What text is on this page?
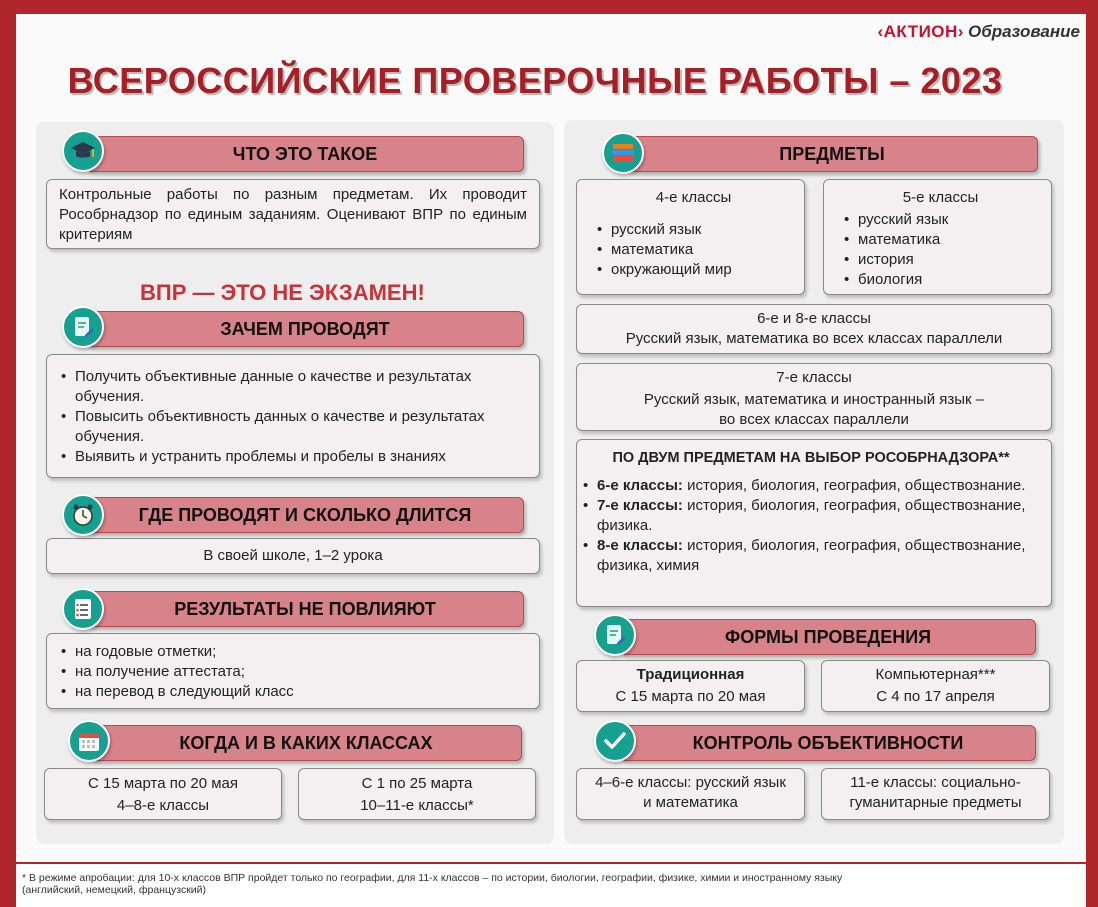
‹АКТИОН› Образование
ВСЕРОССИЙСКИЕ ПРОВЕРОЧНЫЕ РАБОТЫ – 2023
ЧТО ЭТО ТАКОЕ
Контрольные работы по разным предметам. Их проводит Рособрнадзор по единым заданиям. Оценивают ВПР по единым критериям
ВПР — ЭТО НЕ ЭКЗАМЕН!
ЗАЧЕМ ПРОВОДЯТ
• Получить объективные данные о качестве и результатах обучения.
• Повысить объективность данных о качестве и результатах обучения.
• Выявить и устранить проблемы и пробелы в знаниях
ГДЕ ПРОВОДЯТ И СКОЛЬКО ДЛИТСЯ
В своей школе, 1–2 урока
РЕЗУЛЬТАТЫ НЕ ПОВЛИЯЮТ
• на годовые отметки;
• на получение аттестата;
• на перевод в следующий класс
КОГДА И В КАКИХ КЛАССАХ
С 15 марта по 20 мая
4–8-е классы
С 1 по 25 марта
10–11-е классы*
ПРЕДМЕТЫ
4-е классы
• русский язык
• математика
• окружающий мир
5-е классы
• русский язык
• математика
• история
• биология
6-е и 8-е классы
Русский язык, математика во всех классах параллели
7-е классы
Русский язык, математика и иностранный язык –
во всех классах параллели
ПО ДВУМ ПРЕДМЕТАМ НА ВЫБОР РОСОБРНАДЗОРА**
• 6-е классы: история, биология, география, обществознание.
• 7-е классы: история, биология, география, обществознание, физика.
• 8-е классы: история, биология, география, обществознание, физика, химия
ФОРМЫ ПРОВЕДЕНИЯ
Традиционная
С 15 марта по 20 мая
Компьютерная***
С 4 по 17 апреля
КОНТРОЛЬ ОБЪЕКТИВНОСТИ
4–6-е классы: русский язык и математика
11-е классы: социально-гуманитарные предметы
* В режиме апробации: для 10-х классов ВПР пройдет только по географии, для 11-х классов – по истории, биологии, географии, физике, химии и иностранному языку
(английский, немецкий, французский)
